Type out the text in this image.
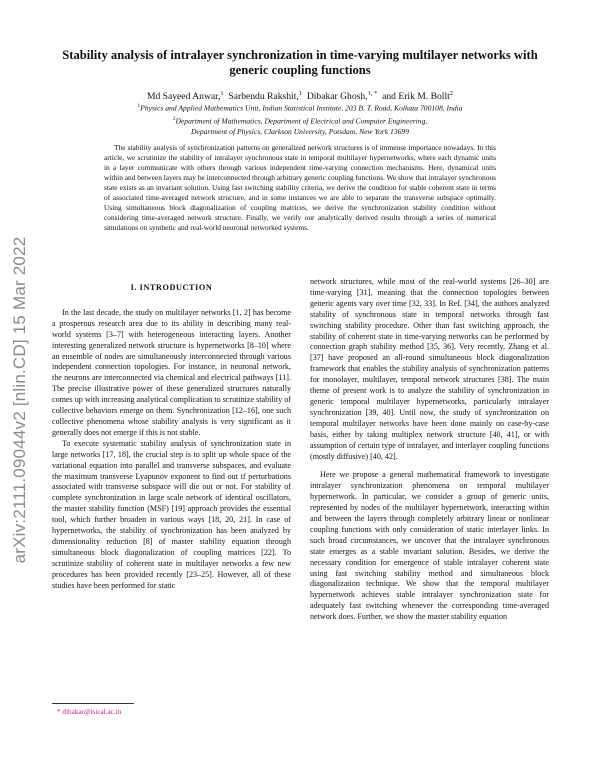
arXiv:2111.09044v2 [nlin.CD] 15 Mar 2022
Stability analysis of intralayer synchronization in time-varying multilayer networks with generic coupling functions
Md Sayeed Anwar,$^1$ Sarbendu Rakshit,$^1$ Dibakar Ghosh,$^{1, *}$ and Erik M. Bollt$^2$
$^1$Physics and Applied Mathematics Unit, Indian Statistical Institute, 203 B. T. Road, Kolkata 700108, India
$^2$Department of Mathematics, Department of Electrical and Computer Engineering,
Department of Physics, Clarkson University, Potsdam, New York 13699
The stability analysis of synchronization patterns on generalized network structures is of immense importance nowadays. In this article, we scrutinize the stability of intralayer synchronous state in temporal multilayer hypernetworks, where each dynamic units in a layer communicate with others through various independent time-varying connection mechanisms. Here, dynamical units within and between layers may be interconnected through arbitrary generic coupling functions. We show that intralayer synchronous state exists as an invariant solution. Using fast switching stability criteria, we derive the condition for stable coherent state in terms of associated time-averaged network structure, and in some instances we are able to separate the transverse subspace optimally. Using simultaneous block diagonalization of coupling matrices, we derive the synchronization stability condition without considering time-averaged network structure. Finally, we verify our analytically derived results through a series of numerical simulations on synthetic and real-world neuronal networked systems.
I. INTRODUCTION

In the last decade, the study on multilayer networks [1, 2] has become a prosperous research area due to its ability in describing many real-world systems [3–7] with heterogeneous interacting layers. Another interesting generalized network structure is hypernetworks [8–10] where an ensemble of nodes are simultaneously interconnected through various independent connection topologies. For instance, in neuronal network, the neurons are interconnected via chemical and electrical pathways [11]. The precise illustrative power of these generalized structures naturally comes up with increasing analytical complication to scrutinize stability of collective behaviors emerge on them. Synchronization [12–16], one such collective phenomena whose stability analysis is very significant as it generally does not emerge if this is not stable.

To execute systematic stability analysis of synchronization state in large networks [17, 18], the crucial step is to split up whole space of the variational equation into parallel and transverse subspaces, and evaluate the maximum transverse Lyapunov exponent to find out if perturbations associated with transverse subspace will die out or not. For stability of complete synchronization in large scale network of identical oscillators, the master stability function (MSF) [19] approach provides the essential tool, which further broaden in various ways [18, 20, 21]. In case of hypernetworks, the stability of synchronization has been analyzed by dimensionality reduction [8] of master stability equation through simultaneous block diagonalization of coupling matrices [22]. To scrutinize stability of coherent state in multilayer networks a few new procedures has been provided recently [23–25]. However, all of these studies have been performed for static

network structures, while most of the real-world systems [26–30] are time-varying [31], meaning that the connection topologies between generic agents vary over time [32, 33]. In Ref. [34], the authors analyzed stability of synchronous state in temporal networks through fast switching stability procedure. Other than fast switching approach, the stability of coherent state in time-varying networks can be performed by connection graph stability method [35, 36]. Very recently, Zhang et al. [37] have proposed an all-round simultaneous block diagonalization framework that enables the stability analysis of synchronization patterns for monolayer, multilayer, temporal network structures [38]. The main theme of present work is to analyze the stability of synchronization in generic temporal multilayer hypernetworks, particularly intralayer synchronization [39, 40]. Until now, the study of synchronization on temporal multilayer networks have been done mainly on case-by-case basis, either by taking multiplex network structure [40, 41], or with assumption of certain type of intralayer, and interlayer coupling functions (mostly diffusive) [40, 42].

Here we propose a general mathematical framework to investigate intralayer synchronization phenomena on temporal multilayer hypernetwork. In particular, we consider a group of generic units, represented by nodes of the multilayer hypernetwork, interacting within and between the layers through completely arbitrary linear or nonlinear coupling functions with only consideration of static interlayer links. In such broad circumstances, we uncover that the intralayer synchronous state emerges as a stable invariant solution. Besides, we derive the necessary condition for emergence of stable intralayer coherent state using fast switching stability method and simultaneous block diagonalization technique. We show that the temporal multilayer hypernetwork achieves stable intralayer synchronization state for adequately fast switching whenever the corresponding time-averaged network does. Further, we show the master stability equation

* dibakar@isical.ac.in
